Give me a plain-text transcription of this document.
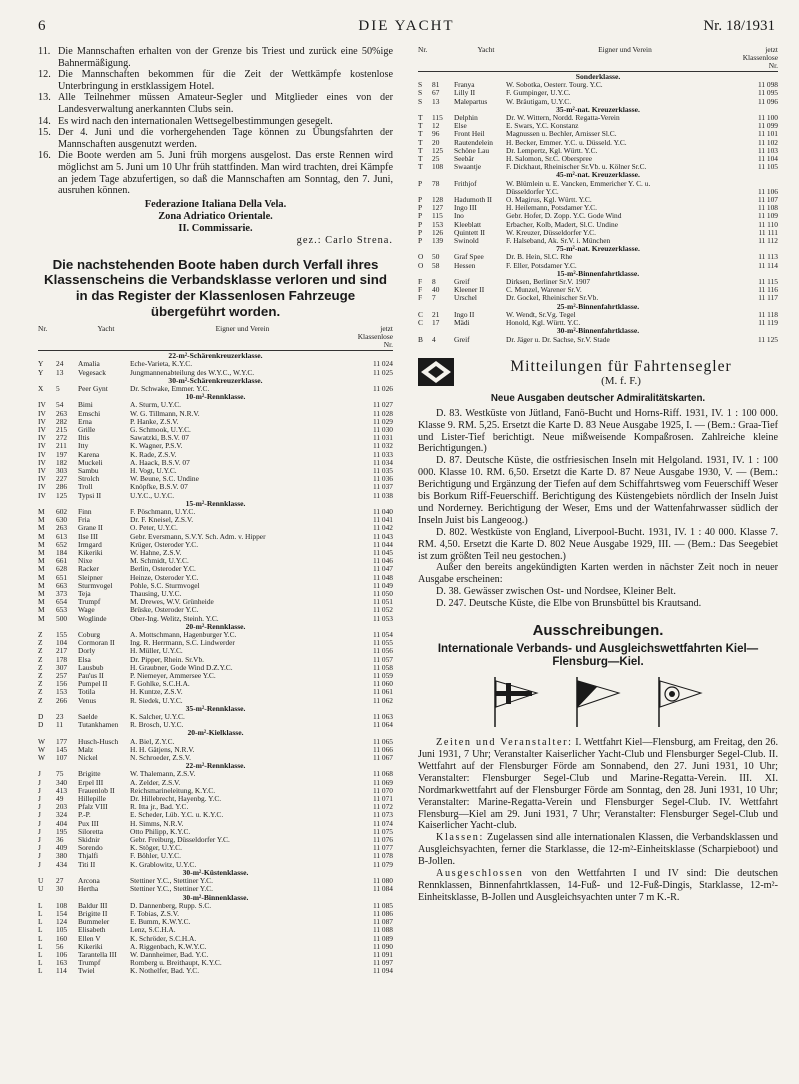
6	DIE YACHT	Nr. 18/1931
11. Die Mannschaften erhalten von der Grenze bis Triest und zurück eine 50%ige Bahnermäßigung.
12. Die Mannschaften bekommen für die Zeit der Wettkämpfe kostenlose Unterbringung in erstklassigem Hotel.
13. Alle Teilnehmer müssen Amateur-Segler und Mitglieder eines von der Landesverwaltung anerkannten Clubs sein.
14. Es wird nach den internationalen Wettsegelbestimmungen gesegelt.
15. Der 4. Juni und die vorhergehenden Tage können zu Übungsfahrten der Mannschaften ausgenutzt werden.
16. Die Boote werden am 5. Juni früh morgens ausgelost. Das erste Rennen wird möglichst am 5. Juni um 10 Uhr früh stattfinden. Man wird trachten, drei Kämpfe an jedem Tage abzufertigen, so daß die Mannschaften am Sonntag, den 7. Juni, ausruhen können.
Federazione Italiana Della Vela.
Zona Adriatico Orientale.
II. Commissarie.
gez.: Carlo Strena.
Die nachstehenden Boote haben durch Verfall ihres Klassenscheins die Verbandsklasse verloren und sind in das Register der Klassenlosen Fahrzeuge übergeführt worden.
Nr.	Yacht	Eigner und Verein	jetzt Klassenlose Nr.
22-m²-Schärenkreuzerklasse.
Y	24	Amalia	Eche-Varieta, K.Y.C.	11 024
Y	13	Vegesack	Jungmannenabteilung des W.Y.C., W.Y.C.	11 025
30-m²-Schärenkreuzerklasse.
X	5	Peer Gynt	Dr. Schwake, Emmer. Y.C.	11 026
10-m²-Rennklasse.
IV	54	Bimi	A. Sturm, U.Y.C.	11 027
IV	263	Emschi	W. G. Tillmann, N.R.V.	11 028
IV	282	Erna	P. Hanke, Z.S.V.	11 029
IV	215	Grille	G. Schmook, U.Y.C.	11 030
IV	272	Iltis	Sawatzki, B.S.V. 07	11 031
IV	211	Itty	K. Wagner, P.S.V.	11 032
IV	197	Karena	K. Rade, Z.S.V.	11 033
IV	182	Muckeli	A. Haack, B.S.V. 07	11 034
IV	303	Sambu	H. Vogt, U.Y.C.	11 035
IV	227	Strolch	W. Beune, S.C. Undine	11 036
IV	286	Troll	Knöpfke, B.S.V. 07	11 037
IV	125	Typsi II	U.Y.C., U.Y.C.	11 038
15-m²-Rennklasse.
M	602	Finn	F. Pöschmann, U.Y.C.	11 040
M	630	Fria	Dr. F. Kneisel, Z.S.V.	11 041
M	263	Grane II	O. Peter, U.Y.C.	11 042
M	613	Ilse III	Gebr. Eversmann, S.V.Y. Sch. Adm. v. Hipper	11 043
M	652	Irmgard	Krüger, Osteroder Y.C.	11 044
M	184	Kikeriki	W. Hahne, Z.S.V.	11 045
M	661	Nixe	M. Schmidt, U.Y.C.	11 046
M	628	Racker	Berlin, Osteroder Y.C.	11 047
M	651	Sleipner	Heinze, Osteroder Y.C.	11 048
M	663	Sturmvogel	Pohle, S.C. Sturmvogel	11 049
M	373	Teja	Thausing, U.Y.C.	11 050
M	654	Trumpf	M. Drewes, W.V. Grünheide	11 051
M	653	Wage	Brüske, Osteroder Y.C.	11 052
M	500	Woglinde	Ober-Ing. Welitz, Steinh. Y.C.	11 053
20-m²-Rennklasse.
Z	155	Coburg	A. Mottschmann, Hagenburger Y.C.	11 054
Z	104	Cormoran II	Ing. R. Herrmann, S.C. Lindwerder	11 055
Z	217	Dorly	H. Müller, U.Y.C.	11 056
Z	178	Elsa	Dr. Pipper, Rhein. Sr.Vb.	11 057
Z	307	Lausbub	H. Graubner, Gode Wind D.Z.Y.C.	11 058
Z	257	Pau'us II	P. Niemeyer, Ammersee Y.C.	11 059
Z	156	Pumpel II	F. Gohlke, S.C.H.A.	11 060
Z	153	Totila	H. Kuntze, Z.S.V.	11 061
Z	266	Venus	R. Siedek, U.Y.C.	11 062
35-m²-Rennklasse.
D	23	Saelde	K. Salcher, U.Y.C.	11 063
D	11	Tutankhamen	R. Brosch, U.Y.C.	11 064
20-m²-Kielklasse.
W	177	Husch-Husch	A. Biel, Z.Y.C.	11 065
W	145	Malz	H. H. Gätjens, N.R.V.	11 066
W	107	Nickel	N. Schroeder, Z.S.V.	11 067
22-m²-Rennklasse.
J	75	Brigitte	W. Thalemann, Z.S.V.	11 068
J	340	Erpel III	A. Zelder, Z.S.V.	11 069
J	413	Frauenlob II	Reichsmarineleitung, K.Y.C.	11 070
J	49	Hillepille	Dr. Hillebrecht, Hayenbg. Y.C.	11 071
J	203	Pfalz VIII	R. Itta jr., Bad. Y.C.	11 072
J	324	P.-P.	E. Scheder, Lüb. Y.C. u. K.Y.C.	11 073
J	404	Pux III	H. Simms, N.R.V.	11 074
J	195	Siloretta	Otto Philipp, K.Y.C.	11 075
J	36	Skidnir	Gebr. Freiburg, Düsseldorfer Y.C.	11 076
J	409	Sorendo	K. Stöger, U.Y.C.	11 077
J	380	Thjalfi	F. Böhler, U.Y.C.	11 078
J	434	Titi II	K. Grablowitz, U.Y.C.	11 079
30-m²-Küstenklasse.
U	27	Arcona	Stettiner Y.C., Stettiner Y.C.	11 080
U	30	Hertha	Stettiner Y.C., Stettiner Y.C.	11 084
30-m²-Binnenklasse.
L	108	Baldur III	D. Dannenberg, Rupp. S.C.	11 085
L	154	Brigitte II	F. Tobias, Z.S.V.	11 086
L	124	Bummeler	E. Bumm, K.W.Y.C.	11 087
L	105	Elisabeth	Lenz, S.C.H.A.	11 088
L	160	Ellen V	K. Schröder, S.C.H.A.	11 089
L	56	Kikeriki	A. Riggenbach, K.W.Y.C.	11 090
L	106	Tarantella III	W. Dannheimer, Bad. Y.C.	11 091
L	163	Trumpf	Romberg u. Breithaupt, K.Y.C.	11 097
L	114	Twiel	K. Nothelfer, Bad. Y.C.	11 094
Nr.	Yacht	Eigner und Verein	jetzt Klassenlose Nr.
Sonderklasse.
S	81	Franya	W. Sobotka, Oesterr. Tourg. Y.C.	11 098
S	67	Lilly II	F. Gumpinger, U.Y.C.	11 095
S	13	Malepartus	W. Bräutigam, U.Y.C.	11 096
35-m²-nat. Kreuzerklasse.
T	115	Delphin	Dr. W. Wittern, Nordd. Regatta-Verein	11 100
T	12	Else	E. Swars, Y.C. Konstanz	11 099
T	96	Front Heil	Magnussen u. Bechler, Arnisser Sl.C.	11 101
T	20	Rautendelein	H. Becker, Emmer. Y.C. u. Düsseld. Y.C.	11 102
T	125	Schöne Lau	Dr. Lempertz, Kgl. Württ. Y.C.	11 103
T	25	Seebär	H. Salomon, Sr.C. Oberspree	11 104
T	108	Swaantje	F. Dickhaut, Rheinischer Sr.Vb. u. Kölner Sr.C.	11 105
45-m²-nat. Kreuzerklasse.
P	78	Frithjof	W. Blümlein u. E. Vancken, Emmericher Y. C. u.
Düsseldorfer Y.C.	11 106
P	128	Hadumoth II	O. Magirus, Kgl. Württ. Y.C.	11 107
P	127	Ingo III	H. Heilemann, Potsdamer Y.C.	11 108
P	115	Ino	Gebr. Hofer, D. Zopp. Y.C. Gode Wind	11 109
P	153	Kleeblatt	Erbacher, Kolb, Madert, Sl.C. Undine	11 110
P	126	Quintett II	W. Kreuzer, Düsseldorfer Y.C.	11 111
P	139	Swinold	F. Halseband, Ak. Sr.V. i. München	11 112
75-m²-nat. Kreuzerklasse.
O	50	Graf Spee	Dr. B. Hein, Sl.C. Rhe	11 113
O	58	Hessen	F. Eller, Potsdamer Y.C.	11 114
15-m²-Binnenfahrtklasse.
F	8	Greif	Dirksen, Berliner Sr.V. 1907	11 115
F	40	Kleener II	C. Munzel, Warener Sr.V.	11 116
F	7	Urschel	Dr. Gockel, Rheinischer Sr.Vb.	11 117
25-m²-Binnenfahrtklasse.
C	21	Ingo II	W. Wendt, Sr.Vg. Tegel	11 118
C	17	Mädi	Honold, Kgl. Württ. Y.C.	11 119
30-m²-Binnenfahrtklasse.
B	4	Greif	Dr. Jäger u. Dr. Sachse, Sr.V. Stade	11 125
Mitteilungen für Fahrtensegler
(M. f. F.)
Neue Ausgaben deutscher Admiralitätskarten.
D. 83. Westküste von Jütland, Fanö-Bucht und Horns-Riff. 1931, IV. 1 : 100 000. Klasse 9. RM. 5,25. Ersetzt die Karte D. 83 Neue Ausgabe 1925, I. — (Bem.: Graa-Tief und Lister-Tief berichtigt. Neue mißweisende Kompaßrosen. Zahlreiche kleine Berichtigungen.)
D. 87. Deutsche Küste, die ostfriesischen Inseln mit Helgoland. 1931, IV. 1 : 100 000. Klasse 10. RM. 6,50. Ersetzt die Karte D. 87 Neue Ausgabe 1930, V. — (Bem.: Berichtigung und Ergänzung der Tiefen auf dem Schiffahrtsweg vom Feuerschiff Weser bis Borkum Riff-Feuerschiff. Berichtigung des Küstengebiets nördlich der Inseln Juist und Norderney. Berichtigung der Weser, Ems und der Wattenfahrwasser südlich der Inseln Juist bis Langeoog.)
D. 802. Westküste von England, Liverpool-Bucht. 1931, IV. 1 : 40 000. Klasse 7. RM. 4,50. Ersetzt die Karte D. 802 Neue Ausgabe 1929, III. — (Bem.: Das Seegebiet ist zum größten Teil neu gestochen.)
Außer den bereits angekündigten Karten werden in nächster Zeit noch in neuer Ausgabe erscheinen:
D. 38. Gewässer zwischen Ost- und Nordsee, Kleiner Belt.
D. 247. Deutsche Küste, die Elbe von Brunsbüttel bis Krautsand.
Ausschreibungen.
Internationale Verbands- und Ausgleichswettfahrten Kiel—Flensburg—Kiel.
Zeiten und Veranstalter: I. Wettfahrt Kiel—Flensburg, am Freitag, den 26. Juni 1931, 7 Uhr; Veranstalter Kaiserlicher Yacht-Club und Flensburger Segel-Club. II. Wettfahrt auf der Flensburger Förde am Sonnabend, den 27. Juni 1931, 10 Uhr; Veranstalter: Flensburger Segel-Club und Marine-Regatta-Verein. III. XI. Nordmarkwettfahrt auf der Flensburger Förde am Sonntag, den 28. Juni 1931, 10 Uhr; Veranstalter: Marine-Regatta-Verein und Flensburger Segel-Club. IV. Wettfahrt Flensburg—Kiel am 29. Juni 1931, 7 Uhr; Veranstalter: Flensburger Segel-Club und Kaiserlicher Yacht-club.
Klassen: Zugelassen sind alle internationalen Klassen, die Verbandsklassen und Ausgleichsyachten, ferner die Starklasse, die 12-m²-Einheitsklasse (Scharpieboot) und B-Jollen.
Ausgeschlossen von den Wettfahrten I und IV sind: Die deutschen Rennklassen, Binnenfahrtklassen, 14-Fuß- und 12-Fuß-Dingis, Starklasse, 12-m²-Einheitsklasse, B-Jollen und Ausgleichsyachten unter 7 m K.-R.
